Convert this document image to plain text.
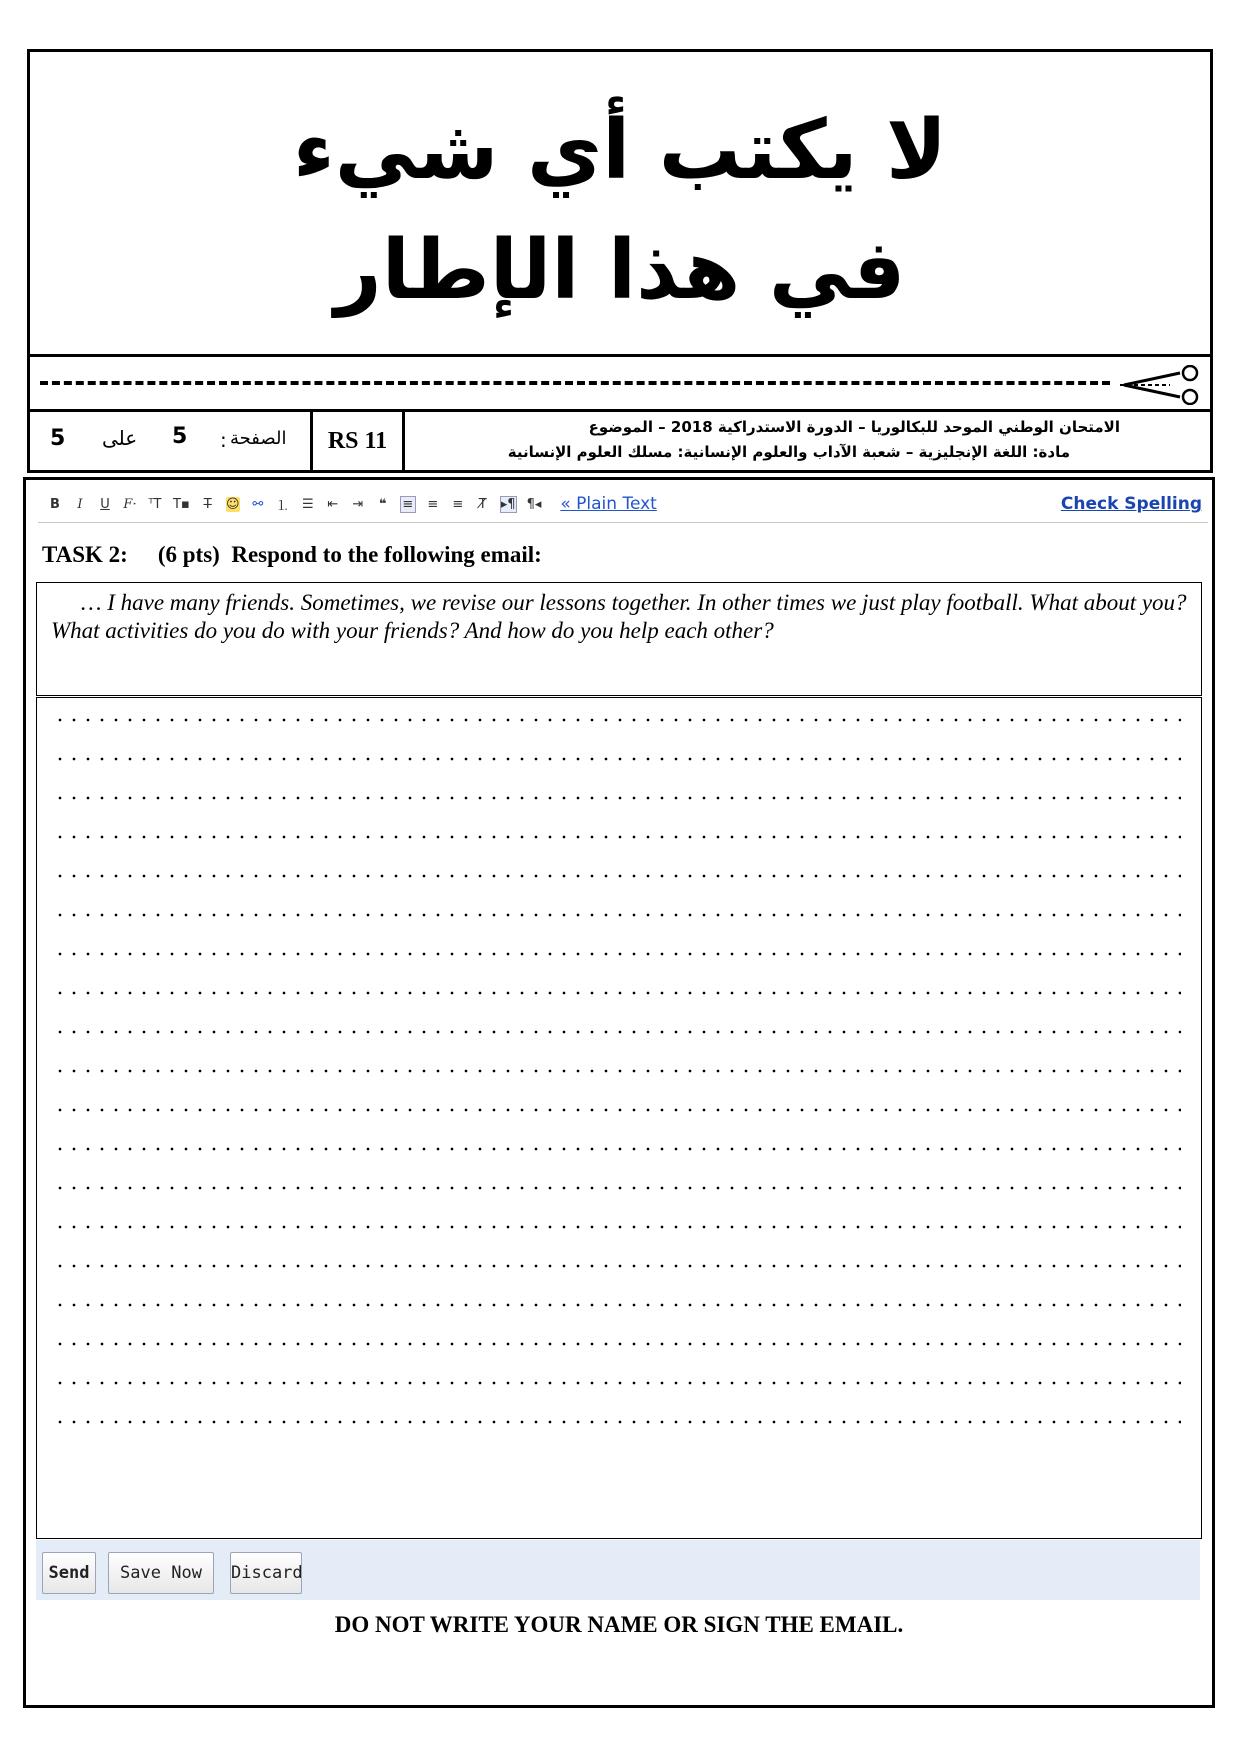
لا يكتب أي شيء
في هذا الإطار
5 على 5 : الصفحة	RS 11
الامتحان الوطني الموحد للبكالوريا – الدورة الاستدراكية 2018 – الموضوع
مادة: اللغة الإنجليزية – شعبة الآداب والعلوم الإنسانية: مسلك العلوم الإنسانية
B	I	U F· ᵀT T▪ T̶ ☺ ⚯ ⒈ ☰ ⇤ ⇥ ❝ ≡ ≡ ≡ T̸ ▸¶ ¶◂ « Plain Text	Check Spelling
TASK 2: (6 pts) Respond to the following email:
… I have many friends. Sometimes, we revise our lessons together. In other times we just play football. What about you? What activities do you do with your friends? And how do you help each other?
Send	Save Now	Discard
DO NOT WRITE YOUR NAME OR SIGN THE EMAIL.
